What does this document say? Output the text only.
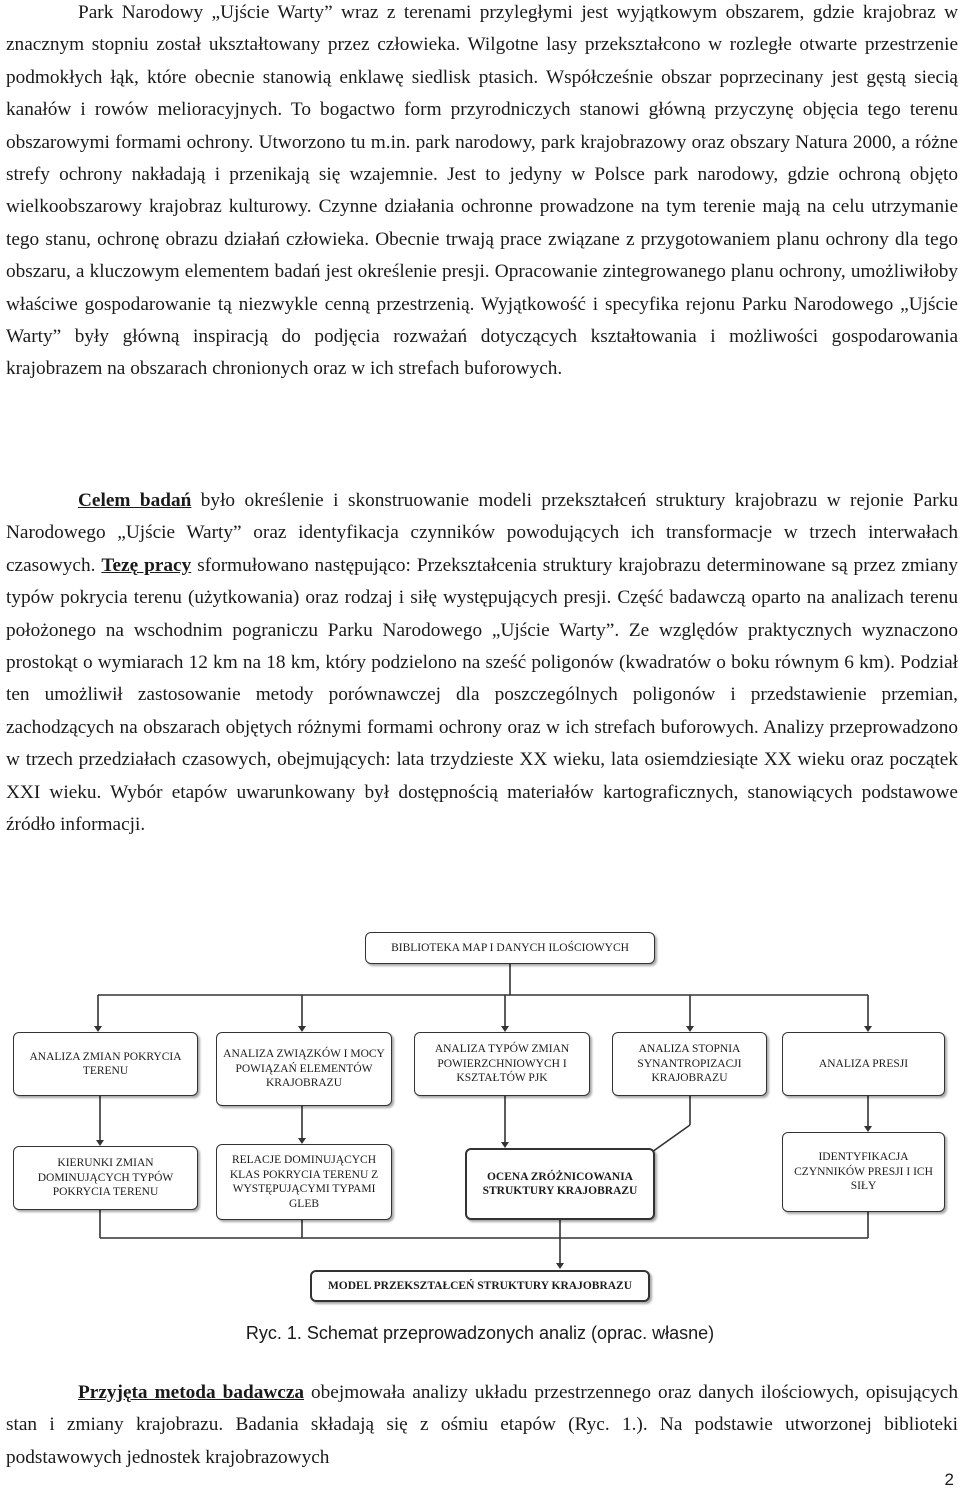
Park Narodowy „Ujście Warty” wraz z terenami przyległymi jest wyjątkowym obszarem, gdzie krajobraz w znacznym stopniu został ukształtowany przez człowieka. Wilgotne lasy przekształcono w rozległe otwarte przestrzenie podmokłych łąk, które obecnie stanowią enklawę siedlisk ptasich. Współcześnie obszar poprzecinany jest gęstą siecią kanałów i rowów melioracyjnych. To bogactwo form przyrodniczych stanowi główną przyczynę objęcia tego terenu obszarowymi formami ochrony. Utworzono tu m.in. park narodowy, park krajobrazowy oraz obszary Natura 2000, a różne strefy ochrony nakładają i przenikają się wzajemnie. Jest to jedyny w Polsce park narodowy, gdzie ochroną objęto wielkoobszarowy krajobraz kulturowy. Czynne działania ochronne prowadzone na tym terenie mają na celu utrzymanie tego stanu, ochronę obrazu działań człowieka. Obecnie trwają prace związane z przygotowaniem planu ochrony dla tego obszaru, a kluczowym elementem badań jest określenie presji. Opracowanie zintegrowanego planu ochrony, umożliwiłoby właściwe gospodarowanie tą niezwykle cenną przestrzenią. Wyjątkowość i specyfika rejonu Parku Narodowego „Ujście Warty” były główną inspiracją do podjęcia rozważań dotyczących kształtowania i możliwości gospodarowania krajobrazem na obszarach chronionych oraz w ich strefach buforowych.

Celem badań było określenie i skonstruowanie modeli przekształceń struktury krajobrazu w rejonie Parku Narodowego „Ujście Warty” oraz identyfikacja czynników powodujących ich transformacje w trzech interwałach czasowych. Tezę pracy sformułowano następująco: Przekształcenia struktury krajobrazu determinowane są przez zmiany typów pokrycia terenu (użytkowania) oraz rodzaj i siłę występujących presji. Część badawczą oparto na analizach terenu położonego na wschodnim pograniczu Parku Narodowego „Ujście Warty”. Ze względów praktycznych wyznaczono prostokąt o wymiarach 12 km na 18 km, który podzielono na sześć poligonów (kwadratów o boku równym 6 km). Podział ten umożliwił zastosowanie metody porównawczej dla poszczególnych poligonów i przedstawienie przemian, zachodzących na obszarach objętych różnymi formami ochrony oraz w ich strefach buforowych. Analizy przeprowadzono w trzech przedziałach czasowych, obejmujących: lata trzydzieste XX wieku, lata osiemdziesiąte XX wieku oraz początek XXI wieku. Wybór etapów uwarunkowany był dostępnością materiałów kartograficznych, stanowiących podstawowe źródło informacji.

BIBLIOTEKA MAP I DANYCH ILOŚCIOWYCH
ANALIZA ZMIAN POKRYCIA TERENU
ANALIZA ZWIĄZKÓW I MOCY POWIĄZAŃ ELEMENTÓW KRAJOBRAZU
ANALIZA TYPÓW ZMIAN POWIERZCHNIOWYCH I KSZTAŁTÓW PJK
ANALIZA STOPNIA SYNANTROPIZACJI KRAJOBRAZU
ANALIZA PRESJI
KIERUNKI ZMIAN DOMINUJĄCYCH TYPÓW POKRYCIA TERENU
RELACJE DOMINUJĄCYCH KLAS POKRYCIA TERENU Z WYSTĘPUJĄCYMI TYPAMI GLEB
OCENA ZRÓŻNICOWANIA STRUKTURY KRAJOBRAZU
IDENTYFIKACJA CZYNNIKÓW PRESJI I ICH SIŁY
MODEL PRZEKSZTAŁCEŃ STRUKTURY KRAJOBRAZU
Ryc. 1. Schemat przeprowadzonych analiz (oprac. własne)

Przyjęta metoda badawcza obejmowała analizy układu przestrzennego oraz danych ilościowych, opisujących stan i zmiany krajobrazu. Badania składają się z ośmiu etapów (Ryc. 1.). Na podstawie utworzonej biblioteki podstawowych jednostek krajobrazowych

2
